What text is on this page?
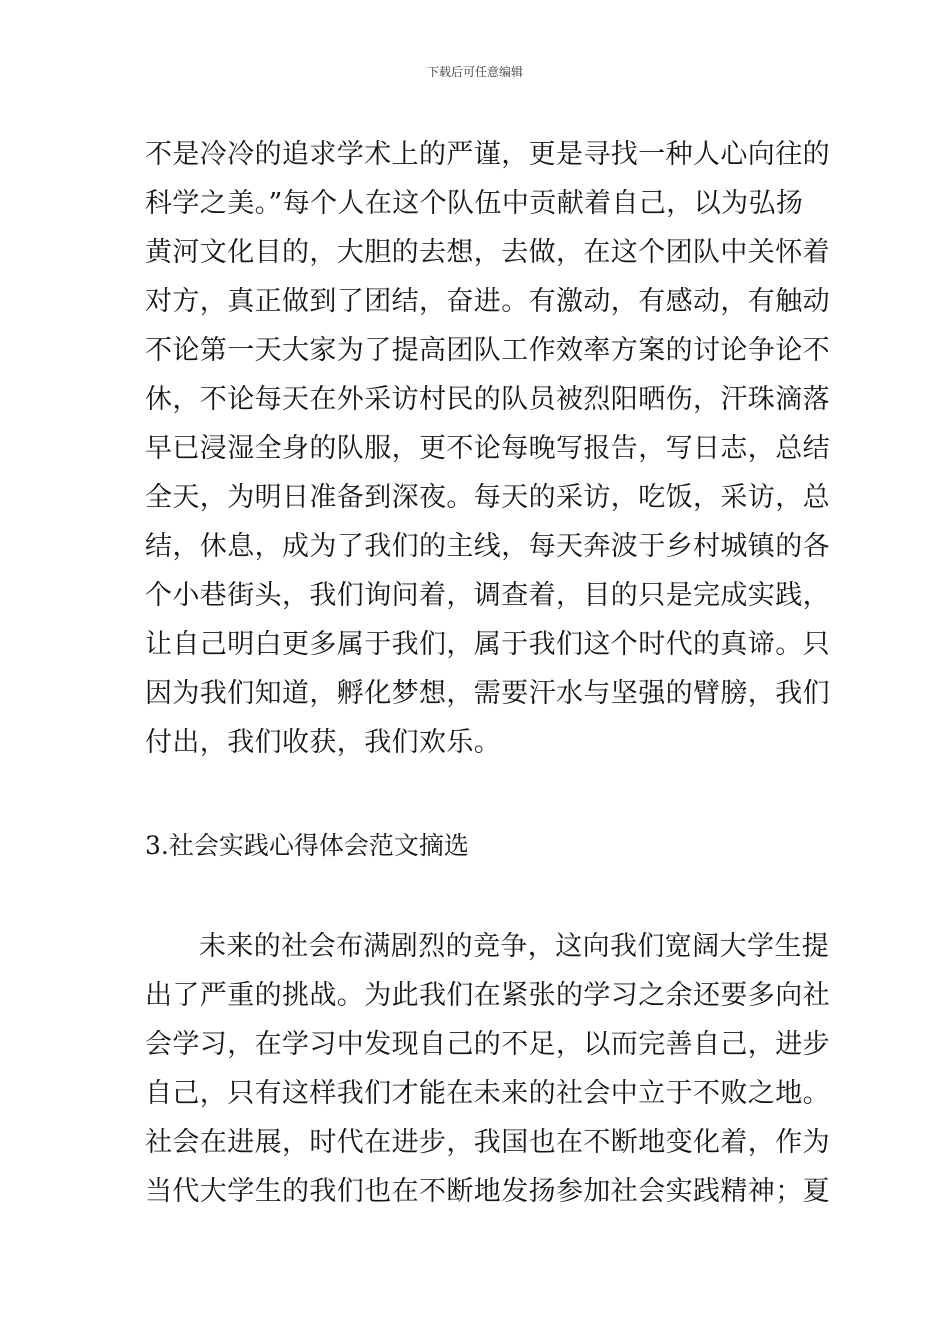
下载后可任意编辑
不是冷冷的追求学术上的严谨，更是寻找一种人心向往的
科学之美。”每个人在这个队伍中贡献着自己，以为弘扬
黄河文化目的，大胆的去想，去做，在这个团队中关怀着
对方，真正做到了团结，奋进。有激动，有感动，有触动
不论第一天大家为了提高团队工作效率方案的讨论争论不
休，不论每天在外采访村民的队员被烈阳晒伤，汗珠滴落
早已浸湿全身的队服，更不论每晚写报告，写日志，总结
全天，为明日准备到深夜。每天的采访，吃饭，采访，总
结，休息，成为了我们的主线，每天奔波于乡村城镇的各
个小巷街头，我们询问着，调查着，目的只是完成实践，
让自己明白更多属于我们，属于我们这个时代的真谛。只
因为我们知道，孵化梦想，需要汗水与坚强的臂膀，我们
付出，我们收获，我们欢乐。
3.社会实践心得体会范文摘选
未来的社会布满剧烈的竞争，这向我们宽阔大学生提
出了严重的挑战。为此我们在紧张的学习之余还要多向社
会学习，在学习中发现自己的不足，以而完善自己，进步
自己，只有这样我们才能在未来的社会中立于不败之地。
社会在进展，时代在进步，我国也在不断地变化着，作为
当代大学生的我们也在不断地发扬参加社会实践精神；夏
